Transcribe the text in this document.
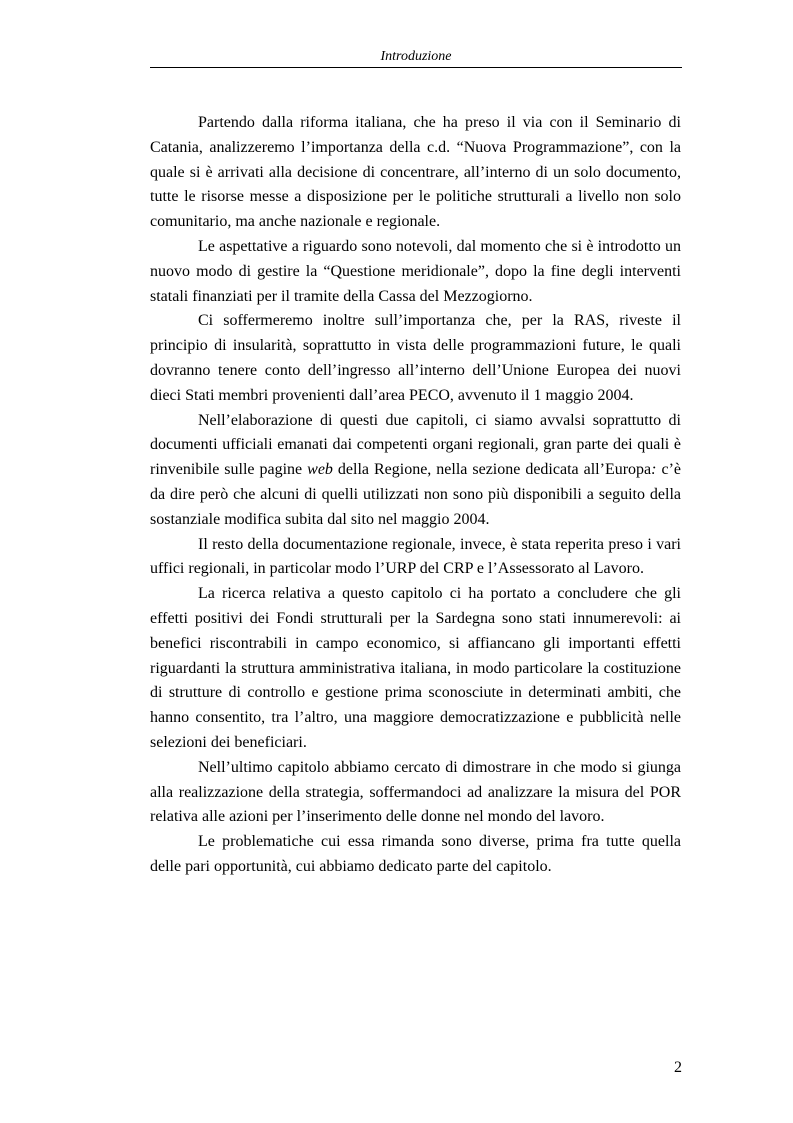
Introduzione

Partendo dalla riforma italiana, che ha preso il via con il Seminario di Catania, analizzeremo l’importanza della c.d. “Nuova Programmazione”, con la quale si è arrivati alla decisione di concentrare, all’interno di un solo documento, tutte le risorse messe a disposizione per le politiche strutturali a livello non solo comunitario, ma anche nazionale e regionale.

Le aspettative a riguardo sono notevoli, dal momento che si è introdotto un nuovo modo di gestire la “Questione meridionale”, dopo la fine degli interventi statali finanziati per il tramite della Cassa del Mezzogiorno.

Ci soffermeremo inoltre sull’importanza che, per la RAS, riveste il principio di insularità, soprattutto in vista delle programmazioni future, le quali dovranno tenere conto dell’ingresso all’interno dell’Unione Europea dei nuovi dieci Stati membri provenienti dall’area PECO, avvenuto il 1 maggio 2004.

Nell’elaborazione di questi due capitoli, ci siamo avvalsi soprattutto di documenti ufficiali emanati dai competenti organi regionali, gran parte dei quali è rinvenibile sulle pagine web della Regione, nella sezione dedicata all’Europa: c’è da dire però che alcuni di quelli utilizzati non sono più disponibili a seguito della sostanziale modifica subita dal sito nel maggio 2004.

Il resto della documentazione regionale, invece, è stata reperita preso i vari uffici regionali, in particolar modo l’URP del CRP e l’Assessorato al Lavoro.

La ricerca relativa a questo capitolo ci ha portato a concludere che gli effetti positivi dei Fondi strutturali per la Sardegna sono stati innumerevoli: ai benefici riscontrabili in campo economico, si affiancano gli importanti effetti riguardanti la struttura amministrativa italiana, in modo particolare la costituzione di strutture di controllo e gestione prima sconosciute in determinati ambiti, che hanno consentito, tra l’altro, una maggiore democratizzazione e pubblicità nelle selezioni dei beneficiari.

Nell’ultimo capitolo abbiamo cercato di dimostrare in che modo si giunga alla realizzazione della strategia, soffermandoci ad analizzare la misura del POR relativa alle azioni per l’inserimento delle donne nel mondo del lavoro.

Le problematiche cui essa rimanda sono diverse, prima fra tutte quella delle pari opportunità, cui abbiamo dedicato parte del capitolo.

2
